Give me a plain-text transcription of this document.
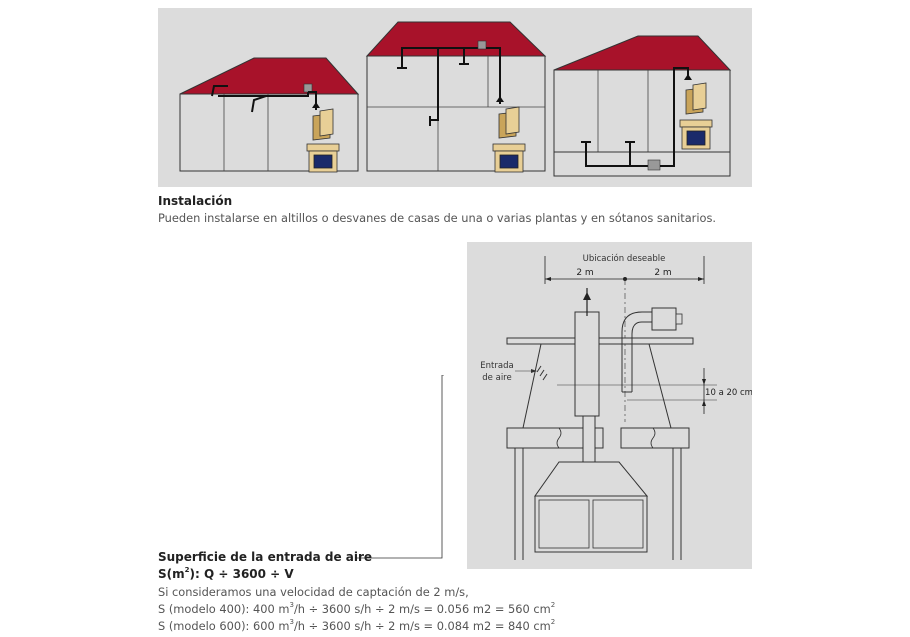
Instalación
Pueden instalarse en altillos o desvanes de casas de una o varias plantas y en sótanos sanitarios.
Ubicación deseable
2 m	2 m
10 a 20 cm
Entrada
de aire
Superficie de la entrada de aire
$S(m^2)$: Q ÷ 3600 ÷ V
Si consideramos una velocidad de captación de 2 m/s,
S (modelo 400): 400 $m^3/h \div 3600$ s/h ÷ 2 m/s = 0.056 m2 = 560 $cm^2$
S (modelo 600): 600 $m^3/h \div 3600$ s/h ÷ 2 m/s = 0.084 m2 = 840 $cm^2$
